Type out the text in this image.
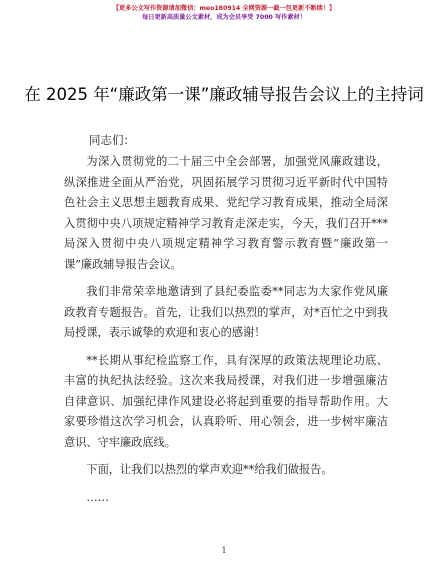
【更多公文写作资源请加微信：meo180914 全网资源一截一包更新不断续！】
每日更新高质量公文素材，成为会员享受 7000 写作素材！
在 2025 年“廉政第一课”廉政辅导报告会议上的主持词
同志们：

为深入贯彻党的二十届三中全会部署，加强党风廉政建设，纵深推进全面从严治党，巩固拓展学习贯彻习近平新时代中国特色社会主义思想主题教育成果、党纪学习教育成果，推动全局深入贯彻中央八项规定精神学习教育走深走实，今天，我们召开***局深入贯彻中央八项规定精神学习教育警示教育暨“廉政第一课”廉政辅导报告会议。

我们非常荣幸地邀请到了县纪委监委**同志为大家作党风廉政教育专题报告。首先，让我们以热烈的掌声，对*百忙之中到我局授课，表示诚挚的欢迎和衷心的感谢！

**长期从事纪检监察工作，具有深厚的政策法规理论功底、丰富的执纪执法经验。这次来我局授课，对我们进一步增强廉洁自律意识、加强纪律作风建设必将起到重要的指导帮助作用。大家要珍惜这次学习机会，认真聆听、用心领会，进一步树牢廉洁意识、守牢廉政底线。

下面，让我们以热烈的掌声欢迎**给我们做报告。

……

1
